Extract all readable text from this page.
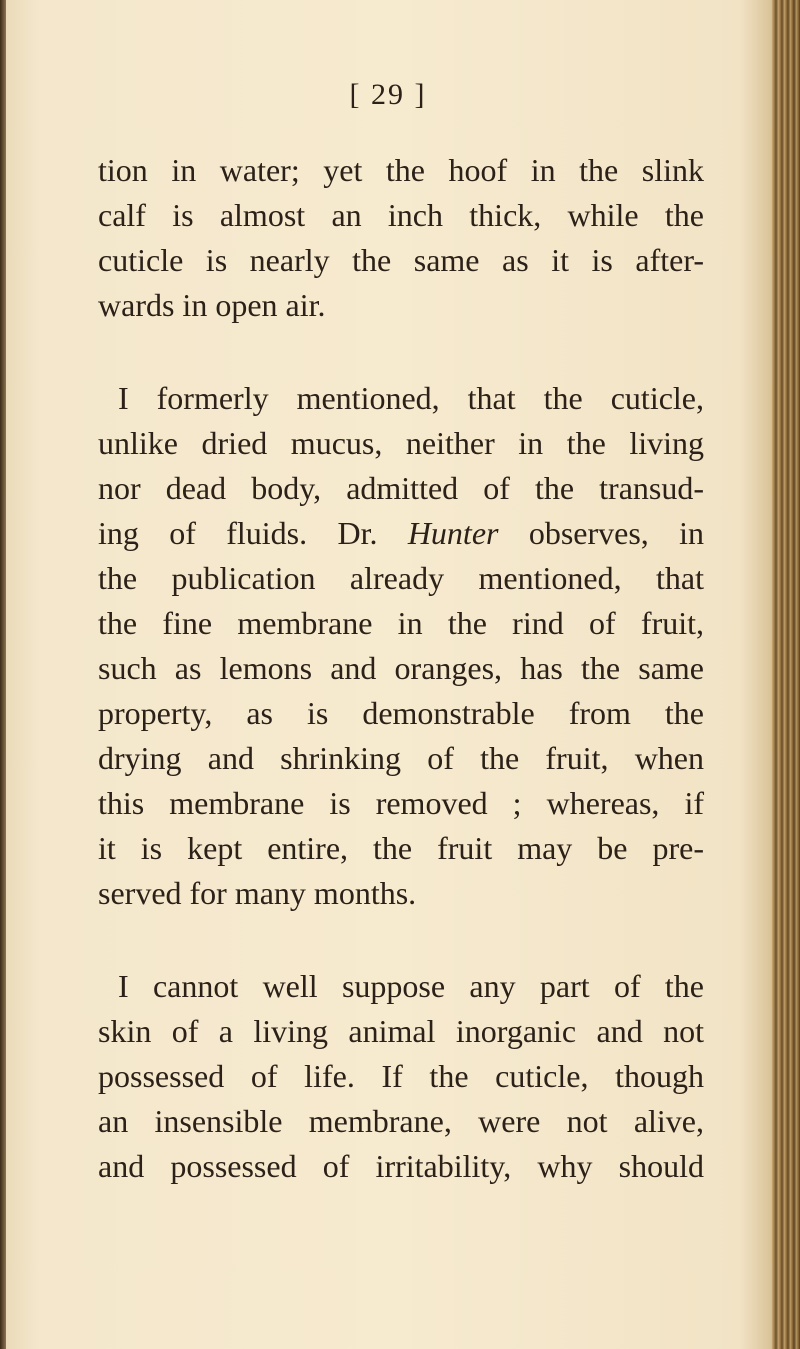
[ 29 ]
tion in water; yet the hoof in the slink
calf is almost an inch thick, while the
cuticle is nearly the same as it is after-
wards in open air.
I formerly mentioned, that the cuticle,
unlike dried mucus, neither in the living
nor dead body, admitted of the transud-
ing of fluids. Dr. Hunter observes, in
the publication already mentioned, that
the fine membrane in the rind of fruit,
such as lemons and oranges, has the same
property, as is demonstrable from the
drying and shrinking of the fruit, when
this membrane is removed ; whereas, if
it is kept entire, the fruit may be pre-
served for many months.
I cannot well suppose any part of the
skin of a living animal inorganic and not
possessed of life. If the cuticle, though
an insensible membrane, were not alive,
and possessed of irritability, why should
